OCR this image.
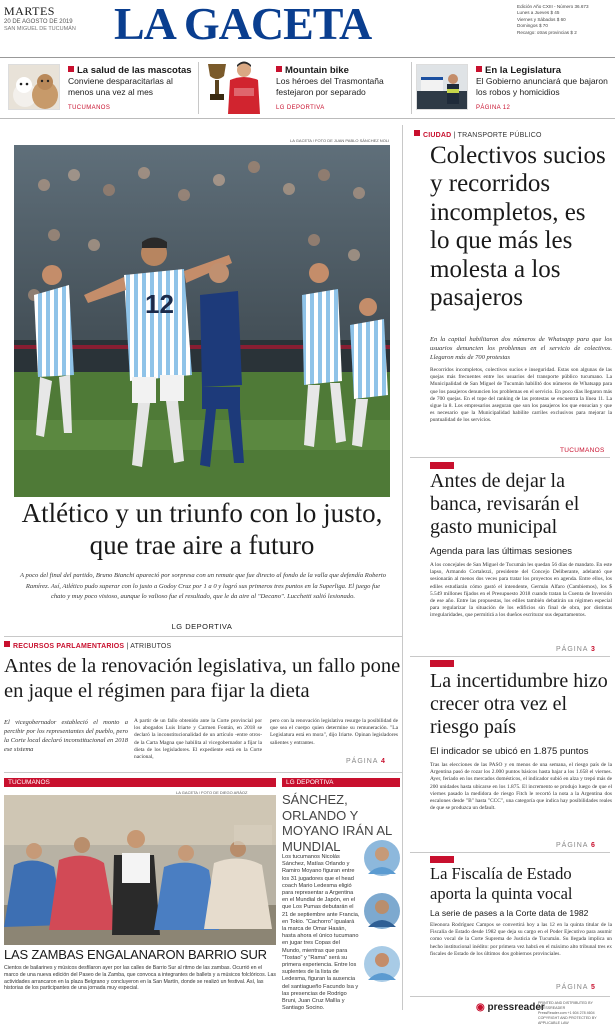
MARTES
20 DE AGOSTO DE 2019
SAN MIGUEL DE TUCUMÁN LA GACETA	Edición Año CXIII - Número 36.673
Lunes a Jueves $ 45
Viernes y Sábados $ 60
Domingos $ 70
Recargo: otras provincias $ 2
La salud de las mascotas
Conviene desparacitarlas al menos una vez al mes
TUCUMANOS
Mountain bike
Los héroes del Trasmontaña festejaron por separado
LG DEPORTIVA
En la Legislatura
El Gobierno anunciará que bajaron los robos y homicidios
PÁGINA 12
LA GACETA / FOTO DE JUAN PABLO SÁNCHEZ NOLI
12
Atlético y un triunfo con lo justo, que trae aire a futuro
A poco del final del partido, Bruno Bianchi apareció por sorpresa con un remate que fue directo al fondo de la valla que defendía Roberto Ramírez. Así, Atlético pudo superar con lo justo a Godoy Cruz por 1 a 0 y logró sus primeros tres puntos en la Superliga. El juego fue chato y muy poco vistoso, aunque lo valioso fue el resultado, que le da aire al "Decano". Lucchetti salió lesionado.
LG DEPORTIVA
CIUDAD | TRANSPORTE PÚBLICO
Colectivos sucios y recorridos incompletos, es lo que más les molesta a los pasajeros
En la capital habilitaron dos números de Whatsapp para que los usuarios denuncien los problemas en el servicio de colectivos. Llegaron más de 700 protestas
Recorridos incompletos, colectivos sucios e inseguridad. Estas son algunas de las quejas más frecuentes entre los usuarios del transporte público tucumano. La Municipalidad de San Miguel de Tucumán habilitó dos números de Whatsapp para que los pasajeros denuncien los problemas en el servicio. En poco días llegaron más de 700 quejas. En el tope del ranking de las protestas se encuentra la línea 11. La sigue la 8. Los empresarios aseguran que son los pasajeros los que ensucian y que es necesario que la Municipalidad habilite carriles exclusivos para mejorar la puntualidad de los servicios.
TUCUMANOS
Antes de dejar la banca, revisarán el gasto municipal
Agenda para las últimas sesiones
A los concejales de San Miguel de Tucumán les quedan 56 días de mandato. En este lapso, Armando Cortalezzi, presidente del Concejo Deliberante, adelantó que sesionarán al menos dos veces para tratar los proyectos en agenda. Entre ellos, los ediles estudiarán cómo gastó el intendente, Germán Alfaro (Cambiemos), los $ 5.549 millones fijados en el Presupuesto 2018 cuando tratan la Cuenta de Inversión de ese año. Entre las propuestas, los ediles también debatirán un régimen especial para regularizar la situación de los edificios sin final de obra, por distintas irregularidades, que permitirá a los dueños escriturar sus departamentos.
PÁGINA 3
La incertidumbre hizo crecer otra vez el riesgo país
El indicador se ubicó en 1.875 puntos
Tras las elecciones de las PASO y en menos de una semana, el riesgo país de la Argentina pasó de rozar los 2.000 puntos básicos hasta bajar a los 1.658 el viernes. Ayer, feriado en los mercados domésticos, el indicador subió en alza y trepó más de 200 unidades hasta ubicarse en los 1.875. El incremento se produjo luego de que el viernes pasado la medidora de riesgo Fitch le recortó la nota a la Argentina dos escalones desde "B" hasta "CCC", una categoría que indica hay posibilidades reales de que se produzca un default.
PÁGINA 6
La Fiscalía de Estado aporta la quinta vocal
La serie de pases a la Corte data de 1982
Eleonora Rodríguez Campos se convertirá hoy a las 12 en la quinta titular de la Fiscalía de Estado desde 1982 que deja su cargo en el Poder Ejecutivo para asumir como vocal de la Corte Suprema de Justicia de Tucumán. Su llegada implica un hecho institucional inédito: por primera vez habrá en el máximo alto tribunal tres ex fiscales de Estado de los últimos dos gobiernos provinciales.
PÁGINA 5
RECURSOS PARLAMENTARIOS | ATRIBUTOS
Antes de la renovación legislativa, un fallo pone en jaque el régimen para fijar la dieta
El vicegobernador estableció el monto a percibir por los representantes del pueblo, pero la Corte local declaró inconstitucional en 2018 ese sistema
A partir de un fallo obtenido ante la Corte provincial por los abogados Luis Iriarte y Carmen Fontán, en 2018 se declaró la inconstitucionalidad de un artículo -entre otros- de la Carta Magna que habilita al vicegobernador a fijar la dieta de los legisladores. El expediente está en la Corte nacional,
pero con la renovación legislativa resurge la posibilidad de que sea el cuerpo quien determine su remuneración. "La Legislatura está en mora", dijo Iriarte. Opinan legisladores salientes y entrantes.
PÁGINA 4
TUCUMANOS
LA GACETA / FOTO DE DIEGO ARÁOZ
LAS ZAMBAS ENGALANARON BARRIO SUR
Cientos de bailarines y músicos desfilaron ayer por las calles de Barrio Sur al ritmo de las zambas. Ocurrió en el marco de una nueva edición del Paseo de la Zamba, que convoca a integrantes de ballets y a músicos folclóricos. Las actividades arrancaron en la plaza Belgrano y concluyeron en la San Martín, donde se realizó un festival. Así, las historias de los participantes de una jornada muy especial.
LG DEPORTIVA
SÁNCHEZ, ORLANDO Y MOYANO IRÁN AL MUNDIAL
Los tucumanos Nicolás Sánchez, Matías Orlando y Ramiro Moyano figuran entre los 31 jugadores que el head coach Mario Ledesma eligió para representar a Argentina en el Mundial de Japón, en el que Los Pumas debutarán el 21 de septiembre ante Francia, en Tokio. "Cachorro" igualará la marca de Omar Hasán, hasta ahora el único tucumano en jugar tres Copas del Mundo, mientras que para "Tostao" y "Rama" será su primera experiencia. Entre los suplentes de la lista de Ledesma, figuran la ausencia del santiagueño Facundo Isa y las presencias de Rodrigo Bruni, Juan Cruz Mallía y Santiago Socino.	◉ pressreader
PRINTED AND DISTRIBUTED BY PRESSREADER
PressReader.com +1 604 278 4604
COPYRIGHT AND PROTECTED BY APPLICABLE LAW
